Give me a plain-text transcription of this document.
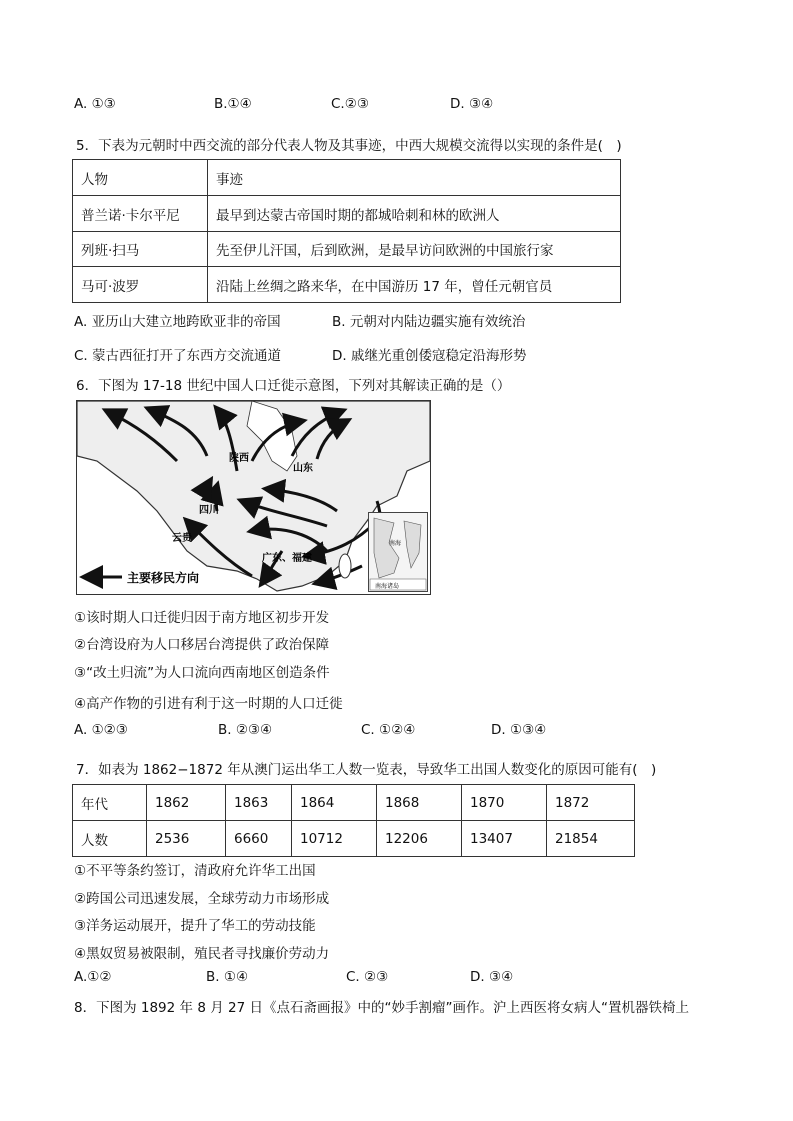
A. ①③	B.①④	C.②③	D. ③④
5．下表为元朝时中西交流的部分代表人物及其事迹，中西大规模交流得以实现的条件是(　)
人物	事迹
普兰诺·卡尔平尼	最早到达蒙古帝国时期的都城哈刺和林的欧洲人
列班·扫马	先至伊儿汗国，后到欧洲，是最早访问欧洲的中国旅行家
马可·波罗	沿陆上丝绸之路来华，在中国游历 17 年，曾任元朝官员
A. 亚历山大建立地跨欧亚非的帝国	B. 元朝对内陆边疆实施有效统治
C. 蒙古西征打开了东西方交流通道	D. 戚继光重创倭寇稳定沿海形势
6．下图为 17-18 世纪中国人口迁徙示意图，下列对其解读正确的是（）
陕西
山东
四川
云贵
广东、福建
主要移民方向
南海
南海诸岛
①该时期人口迁徙归因于南方地区初步开发
②台湾设府为人口移居台湾提供了政治保障
③“改土归流”为人口流向西南地区创造条件
④高产作物的引进有利于这一时期的人口迁徙
A. ①②③	B. ②③④	C. ①②④	D. ①③④
7．如表为 1862−1872 年从澳门运出华工人数一览表，导致华工出国人数变化的原因可能有(　)
年代	1862	1863	1864	1868	1870	1872
人数	2536	6660	10712	12206	13407	21854
①不平等条约签订，清政府允许华工出国
②跨国公司迅速发展，全球劳动力市场形成
③洋务运动展开，提升了华工的劳动技能
④黑奴贸易被限制，殖民者寻找廉价劳动力
A.①②	B. ①④	C. ②③	D. ③④
8．下图为 1892 年 8 月 27 日《点石斋画报》中的“妙手割瘤”画作。沪上西医将女病人“置机器铁椅上
